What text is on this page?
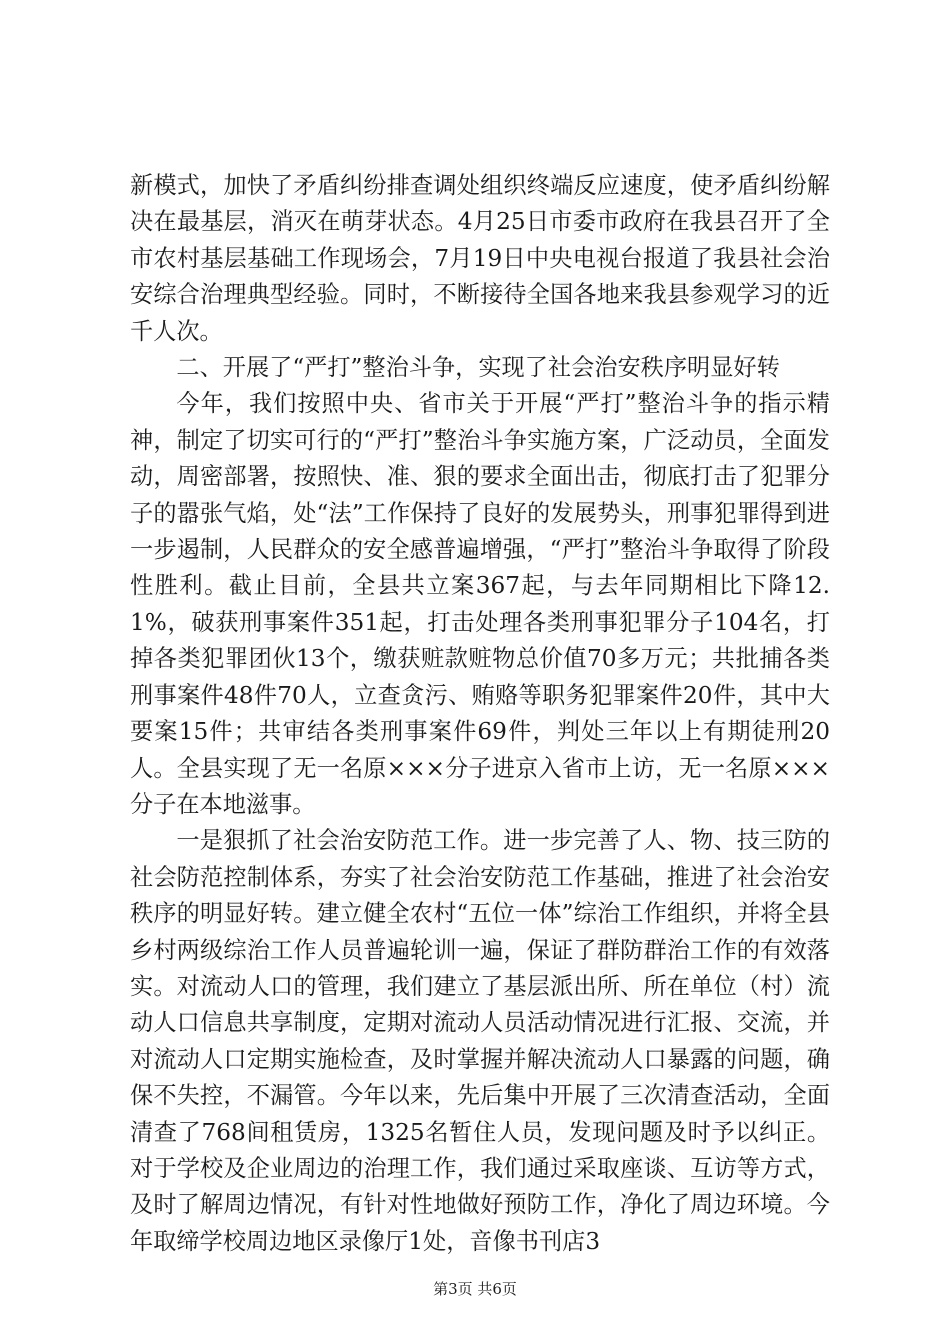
新模式，加快了矛盾纠纷排查调处组织终端反应速度，使矛盾纠纷解决在最基层，消灭在萌芽状态。4月25日市委市政府在我县召开了全市农村基层基础工作现场会，7月19日中央电视台报道了我县社会治安综合治理典型经验。同时，不断接待全国各地来我县参观学习的近千人次。

二、开展了“严打”整治斗争，实现了社会治安秩序明显好转

今年，我们按照中央、省市关于开展“严打”整治斗争的指示精神，制定了切实可行的“严打”整治斗争实施方案，广泛动员，全面发动，周密部署，按照快、准、狠的要求全面出击，彻底打击了犯罪分子的嚣张气焰，处“法”工作保持了良好的发展势头，刑事犯罪得到进一步遏制，人民群众的安全感普遍增强，“严打”整治斗争取得了阶段性胜利。截止目前，全县共立案367起，与去年同期相比下降12.1%，破获刑事案件351起，打击处理各类刑事犯罪分子104名，打掉各类犯罪团伙13个，缴获赃款赃物总价值70多万元；共批捕各类刑事案件48件70人，立查贪污、贿赂等职务犯罪案件20件，其中大要案15件；共审结各类刑事案件69件，判处三年以上有期徒刑20人。全县实现了无一名原×××分子进京入省市上访，无一名原×××分子在本地滋事。

一是狠抓了社会治安防范工作。进一步完善了人、物、技三防的社会防范控制体系，夯实了社会治安防范工作基础，推进了社会治安秩序的明显好转。建立健全农村“五位一体”综治工作组织，并将全县乡村两级综治工作人员普遍轮训一遍，保证了群防群治工作的有效落实。对流动人口的管理，我们建立了基层派出所、所在单位（村）流动人口信息共享制度，定期对流动人员活动情况进行汇报、交流，并对流动人口定期实施检查，及时掌握并解决流动人口暴露的问题，确保不失控，不漏管。今年以来，先后集中开展了三次清查活动，全面清查了768间租赁房，1325名暂住人员，发现问题及时予以纠正。对于学校及企业周边的治理工作，我们通过采取座谈、互访等方式，及时了解周边情况，有针对性地做好预防工作，净化了周边环境。今年取缔学校周边地区录像厅1处，音像书刊店3

第3页 共6页
